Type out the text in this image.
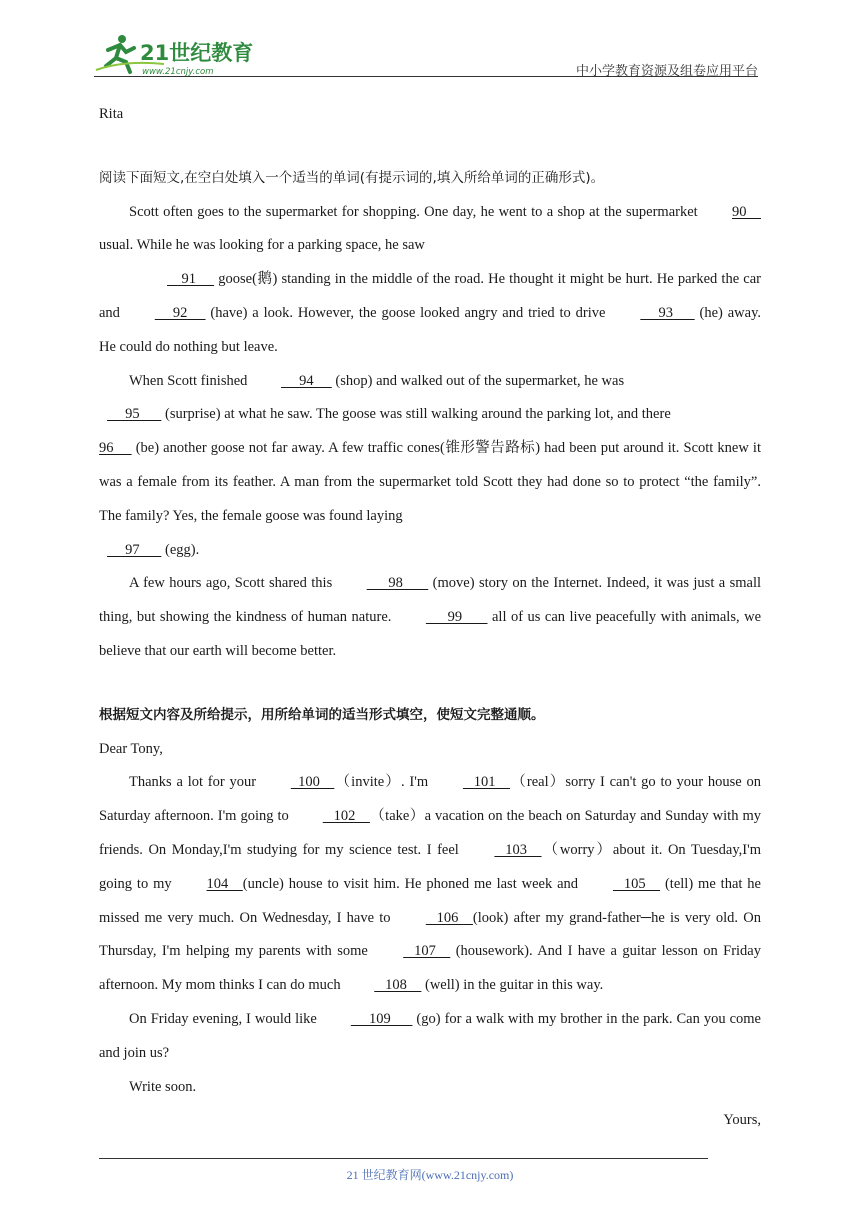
21世纪教育
www.21cnjy.com	中小学教育资源及组卷应用平台

Rita

阅读下面短文,在空白处填入一个适当的单词(有提示词的,填入所给单词的正确形式)。

Scott often goes to the supermarket for shopping. One day, he went to a shop at the supermarket 90     usual. While he was looking for a parking space, he saw
91      goose(鹅) standing in the middle of the road. He thought it might be hurt. He parked the car and      92      (have) a look. However, the goose looked angry and tried to drive      93       (he) away. He could do nothing but leave.

When Scott finished      94      (shop) and walked out of the supermarket, he was
95       (surprise) at what he saw. The goose was still walking around the parking lot, and there
96      (be) another goose not far away. A few traffic cones(锥形警告路标) had been put around it. Scott knew it was a female from its feather. A man from the supermarket told Scott they had done so to protect “the family”. The family? Yes, the female goose was found laying
97       (egg).

A few hours ago, Scott shared this       98        (move) story on the Internet. Indeed, it was just a small thing, but showing the kindness of human nature.       99        all of us can live peacefully with animals, we believe that our earth will become better.

根据短文内容及所给提示，用所给单词的适当形式填空，使短文完整通顺。

Dear Tony,

Thanks a lot for your   100    （invite）. I'm    101    （real）sorry I can't go to your house on Saturday afternoon. I'm going to    102    （take）a vacation on the beach on Saturday and Sunday with my friends. On Monday,I'm studying for my science test. I feel    103    （worry）about it. On Tuesday,I'm going to my 104    (uncle) house to visit him. He phoned me last week and    105     (tell) me that he missed me very much. On Wednesday, I have to    106    (look) after my grand-father─he is very old. On Thursday, I'm helping my parents with some    107     (housework). And I have a guitar lesson on Friday afternoon. My mom thinks I can do much    108     (well) in the guitar in this way.

On Friday evening, I would like      109       (go) for a walk with my brother in the park. Can you come and join us?

Write soon.

Yours,

21 世纪教育网(www.21cnjy.com)
